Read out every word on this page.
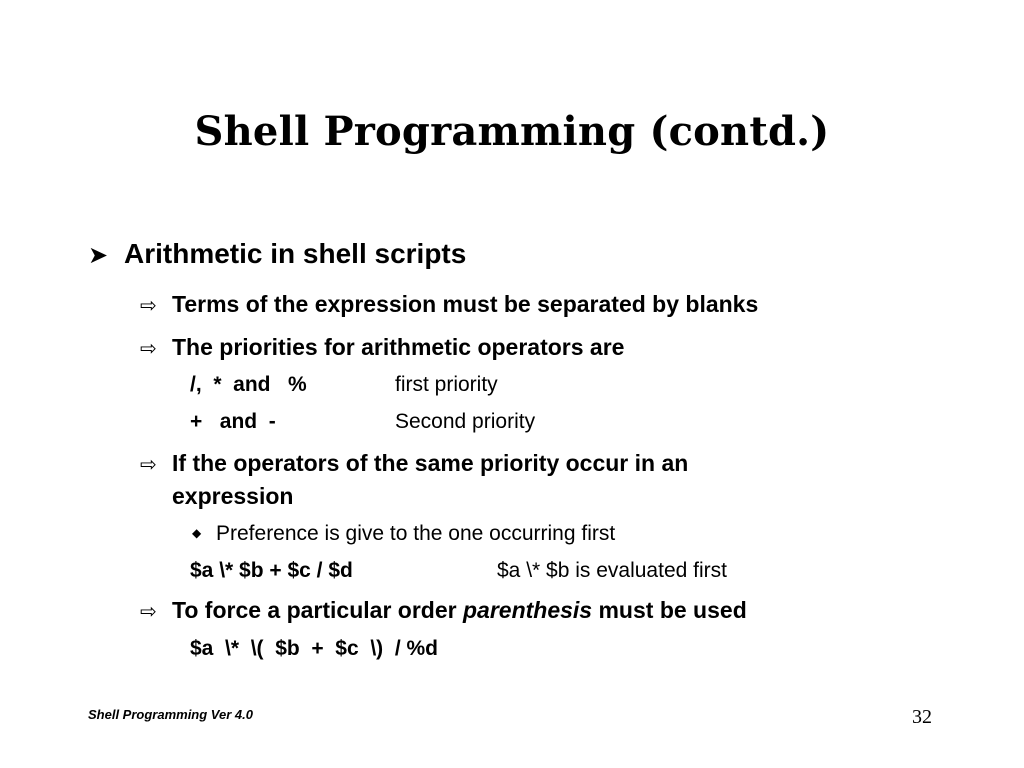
Shell Programming (contd.)
➤ Arithmetic in shell scripts
⇨ Terms of the expression must be separated by blanks
⇨ The priorities for arithmetic operators are
/,  *  and   %	first priority
+   and  -	Second priority
⇨ If the operators of the same priority occur in an
expression
◆ Preference is give to the one occurring first
$a \* $b + $c / $d	$a \* $b is evaluated first
⇨ To force a particular order parenthesis must be used
$a  \*  \(  $b  +  $c  \)  / %d
Shell Programming Ver 4.0	32
